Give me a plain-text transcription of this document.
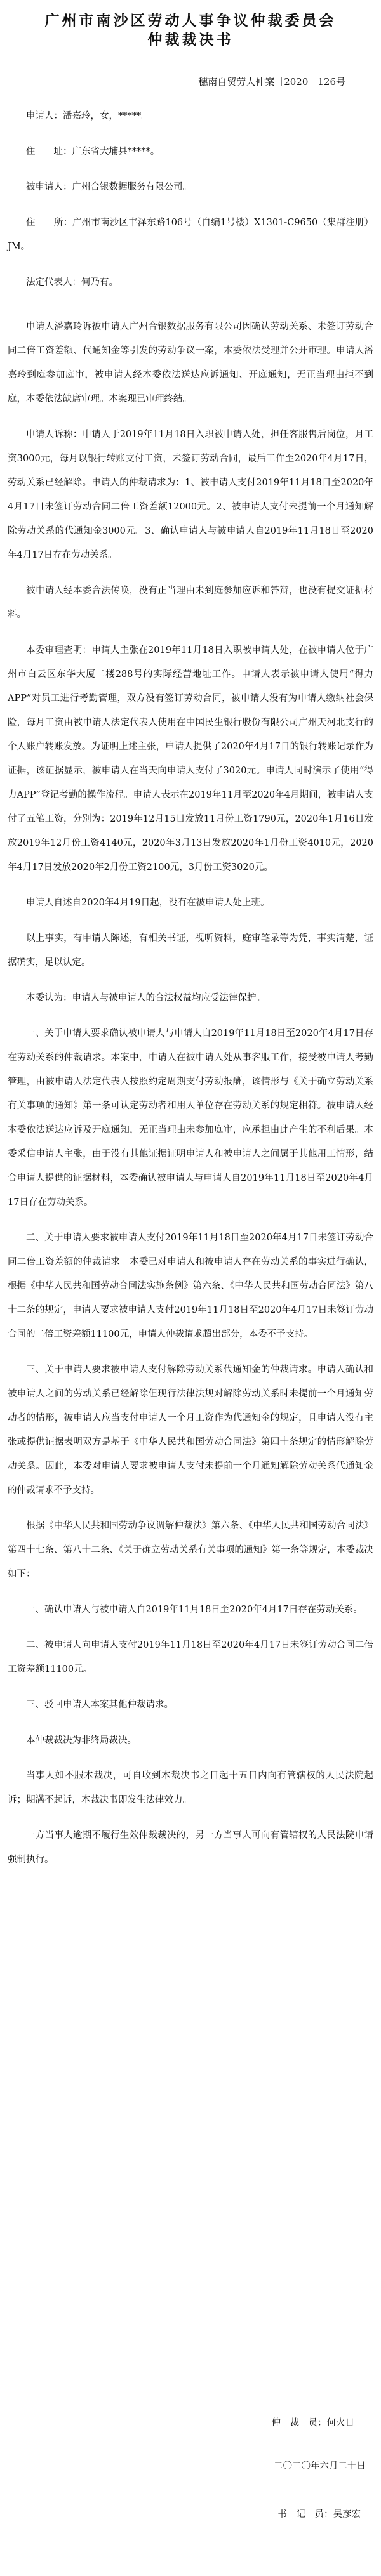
广州市南沙区劳动人事争议仲裁委员会
仲裁裁决书
穗南自贸劳人仲案［2020］126号

申请人：潘嘉玲，女，*****。

住　　址：广东省大埔县*****。

被申请人：广州合银数据服务有限公司。

住　　所：广州市南沙区丰泽东路106号（自编1号楼）X1301-C9650（集群注册）JM。

法定代表人：何乃有。

申请人潘嘉玲诉被申请人广州合银数据服务有限公司因确认劳动关系、未签订劳动合同二倍工资差额、代通知金等引发的劳动争议一案，本委依法受理并公开审理。申请人潘嘉玲到庭参加庭审，被申请人经本委依法送达应诉通知、开庭通知，无正当理由拒不到庭，本委依法缺席审理。本案现已审理终结。

申请人诉称：申请人于2019年11月18日入职被申请人处，担任客服售后岗位，月工资3000元，每月以银行转账支付工资，未签订劳动合同，最后工作至2020年4月17日，劳动关系已经解除。申请人的仲裁请求为：1、被申请人支付2019年11月18日至2020年4月17日未签订劳动合同二倍工资差额12000元。2、被申请人支付未提前一个月通知解除劳动关系的代通知金3000元。3、确认申请人与被申请人自2019年11月18日至2020年4月17日存在劳动关系。

被申请人经本委合法传唤，没有正当理由未到庭参加应诉和答辩，也没有提交证据材料。

本委审理查明：申请人主张在2019年11月18日入职被申请人处，在被申请人位于广州市白云区东华大厦二楼288号的实际经营地址工作。申请人表示被申请人使用“得力APP”对员工进行考勤管理，双方没有签订劳动合同，被申请人没有为申请人缴纳社会保险，每月工资由被申请人法定代表人使用在中国民生银行股份有限公司广州天河北支行的个人账户转账发放。为证明上述主张，申请人提供了2020年4月17日的银行转账记录作为证据，该证据显示，被申请人在当天向申请人支付了3020元。申请人同时演示了使用“得力APP”登记考勤的操作流程。申请人表示在2019年11月至2020年4月期间，被申请人支付了五笔工资，分别为：2019年12月15日发放11月份工资1790元，2020年1月16日发放2019年12月份工资4140元，2020年3月13日发放2020年1月份工资4010元，2020年4月17日发放2020年2月份工资2100元，3月份工资3020元。

申请人自述自2020年4月19日起，没有在被申请人处上班。

以上事实，有申请人陈述，有相关书证，视听资料，庭审笔录等为凭，事实清楚，证据确实，足以认定。

本委认为：申请人与被申请人的合法权益均应受法律保护。

一、关于申请人要求确认被申请人与申请人自2019年11月18日至2020年4月17日存在劳动关系的仲裁请求。本案中，申请人在被申请人处从事客服工作，接受被申请人考勤管理，由被申请人法定代表人按照约定周期支付劳动报酬，该情形与《关于确立劳动关系有关事项的通知》第一条可认定劳动者和用人单位存在劳动关系的规定相符。被申请人经本委依法送达应诉及开庭通知，无正当理由未参加庭审，应承担由此产生的不利后果。本委采信申请人主张，由于没有其他证据证明申请人和被申请人之间属于其他用工情形，结合申请人提供的证据材料，本委确认被申请人与申请人自2019年11月18日至2020年4月17日存在劳动关系。

二、关于申请人要求被申请人支付2019年11月18日至2020年4月17日未签订劳动合同二倍工资差额的仲裁请求。本委已对申请人和被申请人存在劳动关系的事实进行确认，根据《中华人民共和国劳动合同法实施条例》第六条、《中华人民共和国劳动合同法》第八十二条的规定，申请人要求被申请人支付2019年11月18日至2020年4月17日未签订劳动合同的二倍工资差额11100元，申请人仲裁请求超出部分，本委不予支持。

三、关于申请人要求被申请人支付解除劳动关系代通知金的仲裁请求。申请人确认和被申请人之间的劳动关系已经解除但现行法律法规对解除劳动关系时未提前一个月通知劳动者的情形，被申请人应当支付申请人一个月工资作为代通知金的规定，且申请人没有主张或提供证据表明双方是基于《中华人民共和国劳动合同法》第四十条规定的情形解除劳动关系。因此，本委对申请人要求被申请人支付未提前一个月通知解除劳动关系代通知金的仲裁请求不予支持。

根据《中华人民共和国劳动争议调解仲裁法》第六条、《中华人民共和国劳动合同法》第四十七条、第八十二条、《关于确立劳动关系有关事项的通知》第一条等规定，本委裁决如下：

一、确认申请人与被申请人自2019年11月18日至2020年4月17日存在劳动关系。

二、被申请人向申请人支付2019年11月18日至2020年4月17日未签订劳动合同二倍工资差额11100元。

三、驳回申请人本案其他仲裁请求。

本仲裁裁决为非终局裁决。

当事人如不服本裁决，可自收到本裁决书之日起十五日内向有管辖权的人民法院起诉；期满不起诉，本裁决书即发生法律效力。

一方当事人逾期不履行生效仲裁裁决的，另一方当事人可向有管辖权的人民法院申请强制执行。

仲　裁　员：何火日
二〇二〇年六月二十日
书　记　员：吴彦宏
